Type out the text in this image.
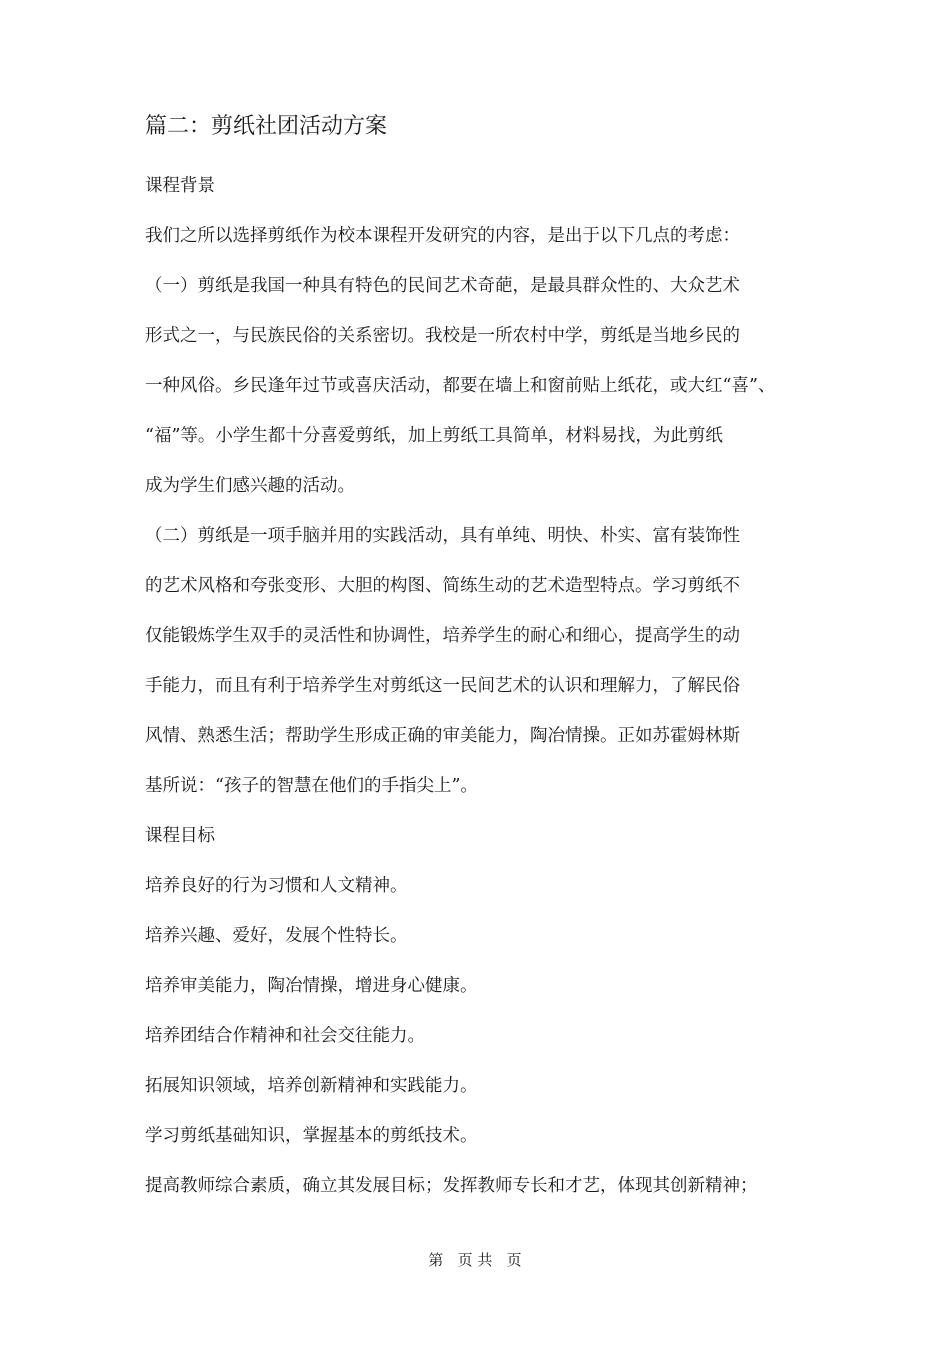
篇二：剪纸社团活动方案
课程背景
我们之所以选择剪纸作为校本课程开发研究的内容，是出于以下几点的考虑：
（一）剪纸是我国一种具有特色的民间艺术奇葩，是最具群众性的、大众艺术
形式之一，与民族民俗的关系密切。我校是一所农村中学，剪纸是当地乡民的
一种风俗。乡民逢年过节或喜庆活动，都要在墙上和窗前贴上纸花，或大红“喜”、
“福”等。小学生都十分喜爱剪纸，加上剪纸工具简单，材料易找，为此剪纸
成为学生们感兴趣的活动。
（二）剪纸是一项手脑并用的实践活动，具有单纯、明快、朴实、富有装饰性
的艺术风格和夸张变形、大胆的构图、简练生动的艺术造型特点。学习剪纸不
仅能锻炼学生双手的灵活性和协调性，培养学生的耐心和细心，提高学生的动
手能力，而且有利于培养学生对剪纸这一民间艺术的认识和理解力，了解民俗
风情、熟悉生活；帮助学生形成正确的审美能力，陶冶情操。正如苏霍姆林斯
基所说：“孩子的智慧在他们的手指尖上”。
课程目标
培养良好的行为习惯和人文精神。
培养兴趣、爱好，发展个性特长。
培养审美能力，陶冶情操，增进身心健康。
培养团结合作精神和社会交往能力。
拓展知识领域，培养创新精神和实践能力。
学习剪纸基础知识，掌握基本的剪纸技术。
提高教师综合素质，确立其发展目标；发挥教师专长和才艺，体现其创新精神；
第   页 共   页
